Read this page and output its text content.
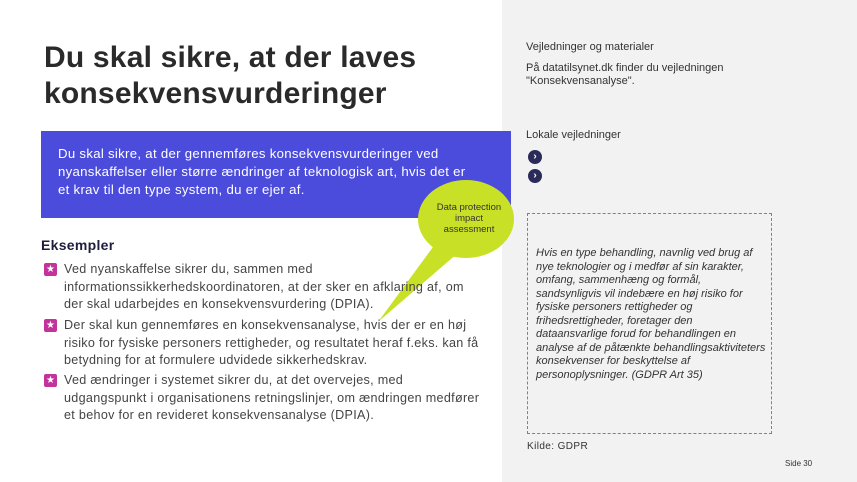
Du skal sikre, at der laves konsekvensvurderinger

Du skal sikre, at der gennemføres konsekvensvurderinger ved nyanskaffelser eller større ændringer af teknologisk art, hvis det er et krav til den type system, du er ejer af.

Data protection impact assessment
Eksempler
★

Ved nyanskaffelse sikrer du, sammen med informationssikkerhedskoordinatoren, at der sker en afklaring af, om der skal udarbejdes en konsekvensvurdering (DPIA).

★

Der skal kun gennemføres en konsekvensanalyse, hvis der er en høj risiko for fysiske personers rettigheder, og resultatet heraf f.eks. kan få betydning for at formulere udvidede sikkerhedskrav.

★

Ved ændringer i systemet sikrer du, at det overvejes, med udgangspunkt i organisationens retningslinjer, om ændringen medfører et behov for en revideret konsekvensanalyse (DPIA).

Vejledninger og materialer
På datatilsynet.dk finder du vejledningen "Konsekvensanalyse".
Lokale vejledninger
›
›

Hvis en type behandling, navnlig ved brug af nye teknologier og i medfør af sin karakter, omfang, sammenhæng og formål, sandsynligvis vil indebære en høj risiko for fysiske personers rettigheder og frihedsrettigheder, foretager den dataansvarlige forud for behandlingen en analyse af de påtænkte behandlingsaktiviteters konsekvenser for beskyttelse af personoplysninger. (GDPR Art 35)

Kilde: GDPR
Side 30
